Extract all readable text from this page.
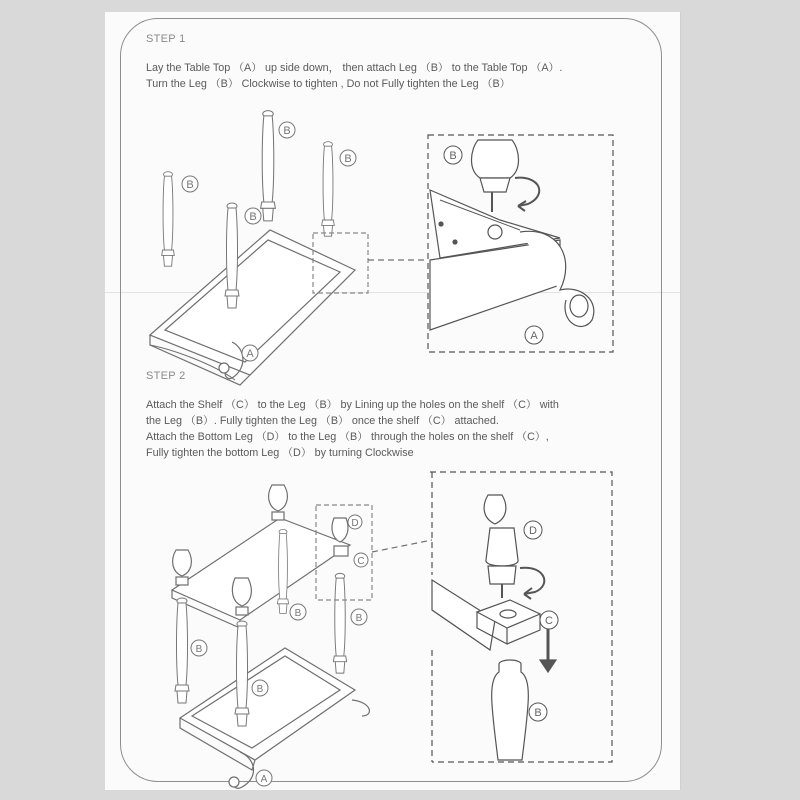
STEP 1
Lay the Table Top （A） up side down， then attach Leg （B） to the Table Top （A）.
Turn the Leg （B） Clockwise to tighten , Do not Fully tighten the Leg （B）
STEP 2
Attach the Shelf （C） to the Leg （B） by Lining up the holes on the shelf （C） with
the Leg （B）. Fully tighten the Leg （B） once the shelf （C） attached.
Attach the Bottom Leg （D） to the Leg （B） through the holes on the shelf （C）,
Fully tighten the bottom Leg （D） by turning Clockwise
B
B
B
B
A
B
A
B
B
B	B
D
C
A
D
C
B
